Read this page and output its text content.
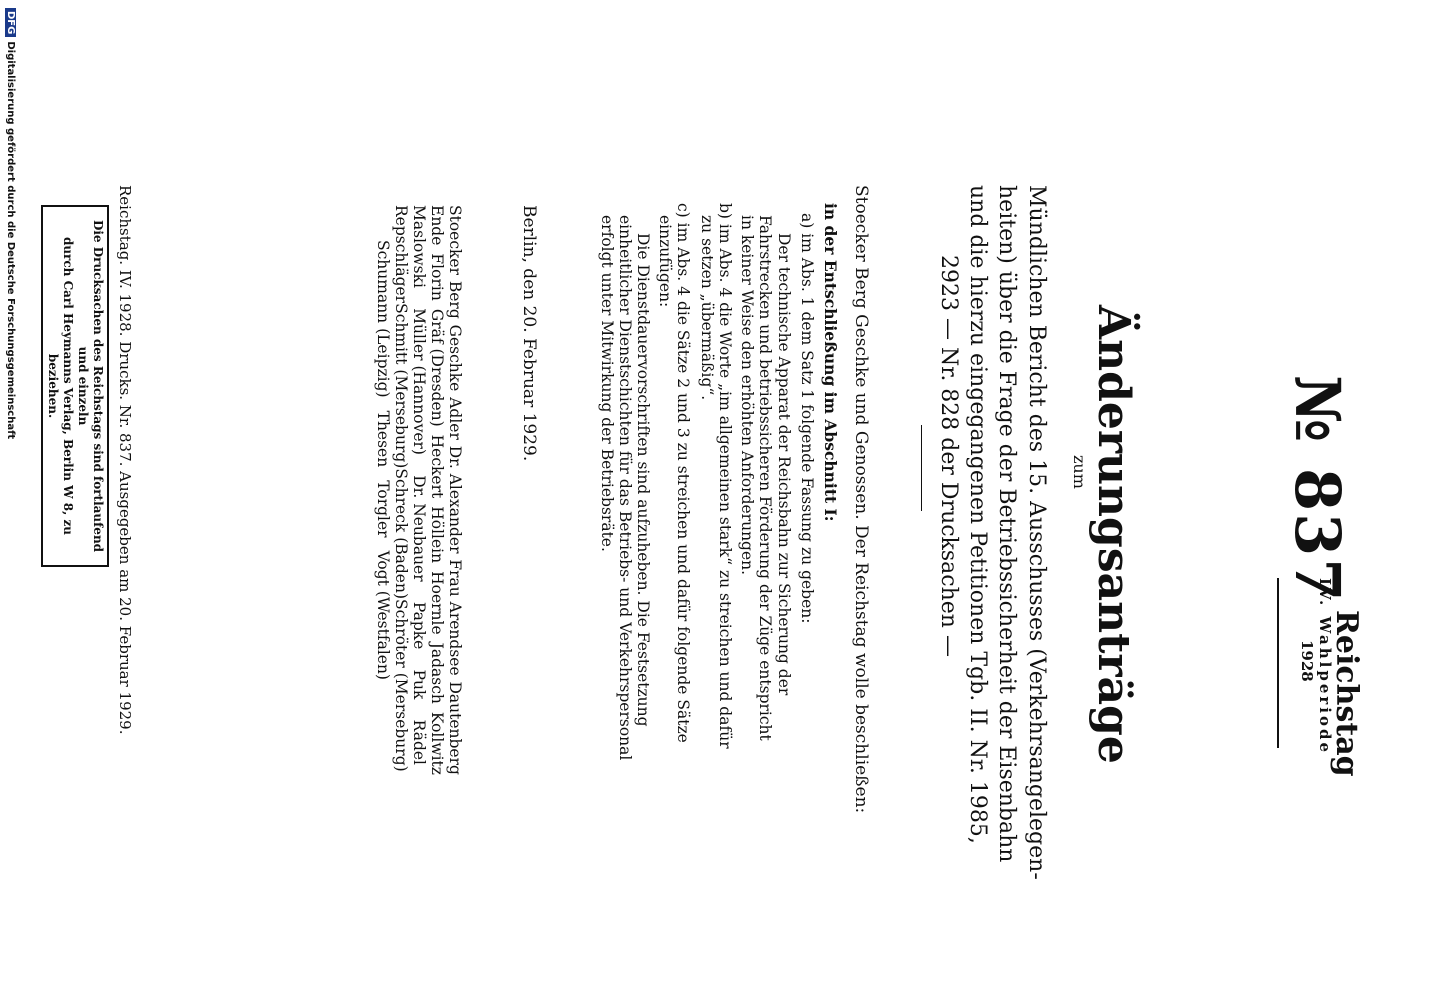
Reichstag
IV. Wahlperiode
1928
№ 837
Änderungsanträge
zum
Mündlichen Bericht des 15. Ausschusses (Verkehrsangelegen-
heiten) über die Frage der Betriebssicherheit der Eisenbahn
und die hierzu eingegangenen Petitionen Tgb. II. Nr. 1985,
2923 — Nr. 828 der Drucksachen —
Stoecker Berg Geschke und Genossen. Der Reichstag wolle beschließen:
in der Entschließung im Abschnitt I:
a) im Abs. 1 dem Satz 1 folgende Fassung zu geben:
Der technische Apparat der Reichsbahn zur Sicherung der
Fahrstrecken und betriebssicheren Förderung der Züge entspricht
in keiner Weise den erhöhten Anforderungen.
b) im Abs. 4 die Worte „im allgemeinen stark“ zu streichen und dafür
zu setzen „übermäßig“.
c) im Abs. 4 die Sätze 2 und 3 zu streichen und dafür folgende Sätze
einzufügen:
Die Dienstdauervorschriften sind aufzuheben. Die Festsetzung
einheitlicher Dienstschichten für das Betriebs- und Verkehrspersonal
erfolgt unter Mitwirkung der Betriebsräte.
Berlin, den 20. Februar 1929.
Stoecker
Berg
Geschke
Adler
Dr. Alexander
Frau Arendsee
Dautenberg
Ende
Florin
Gräf (Dresden)
Heckert
Höllein
Hoernle
Jadasch
Kollwitz
Maslowski
Müller (Hannover)
Dr. Neubauer
Papke
Puk
Rädel
Repschläger
Schmitt (Merseburg)
Schreck (Baden)
Schröter (Merseburg)
Schumann (Leipzig)
Thesen
Torgler
Vogt (Westfalen)
Reichstag. IV. 1928. Drucks. Nr. 837. Ausgegeben am 20. Februar 1929.
Die Drucksachen des Reichstags sind fortlaufend und einzeln
durch Carl Heymanns Verlag, Berlin W 8, zu beziehen.
DFGDigitalisierung gefördert durch die Deutsche Forschungsgemeinschaft
